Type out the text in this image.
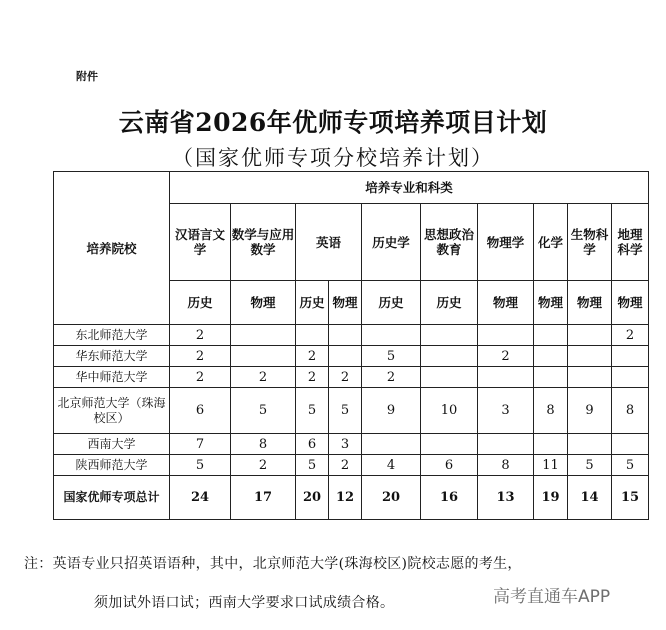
附件
云南省2026年优师专项培养项目计划
（国家优师专项分校培养计划）
培养院校	培养专业和科类									
	汉语言文学	数学与应用数学	英语		历史学	思想政治教育	物理学	化学	生物科学	地理科学
	历史	物理	历史	物理	历史	历史	物理	物理	物理	物理
东北师范大学	2									2
华东师范大学	2		2		5		2			
华中师范大学	2	2	2	2	2					
北京师范大学（珠海校区）	6	5	5	5	9	10	3	8	9	8
西南大学	7	8	6	3						
陕西师范大学	5	2	5	2	4	6	8	11	5	5
国家优师专项总计	24	17	20	12	20	16	13	19	14	15
注：英语专业只招英语语种，其中，北京师范大学(珠海校区)院校志愿的考生，
须加试外语口试；西南大学要求口试成绩合格。	高考直通车APP
